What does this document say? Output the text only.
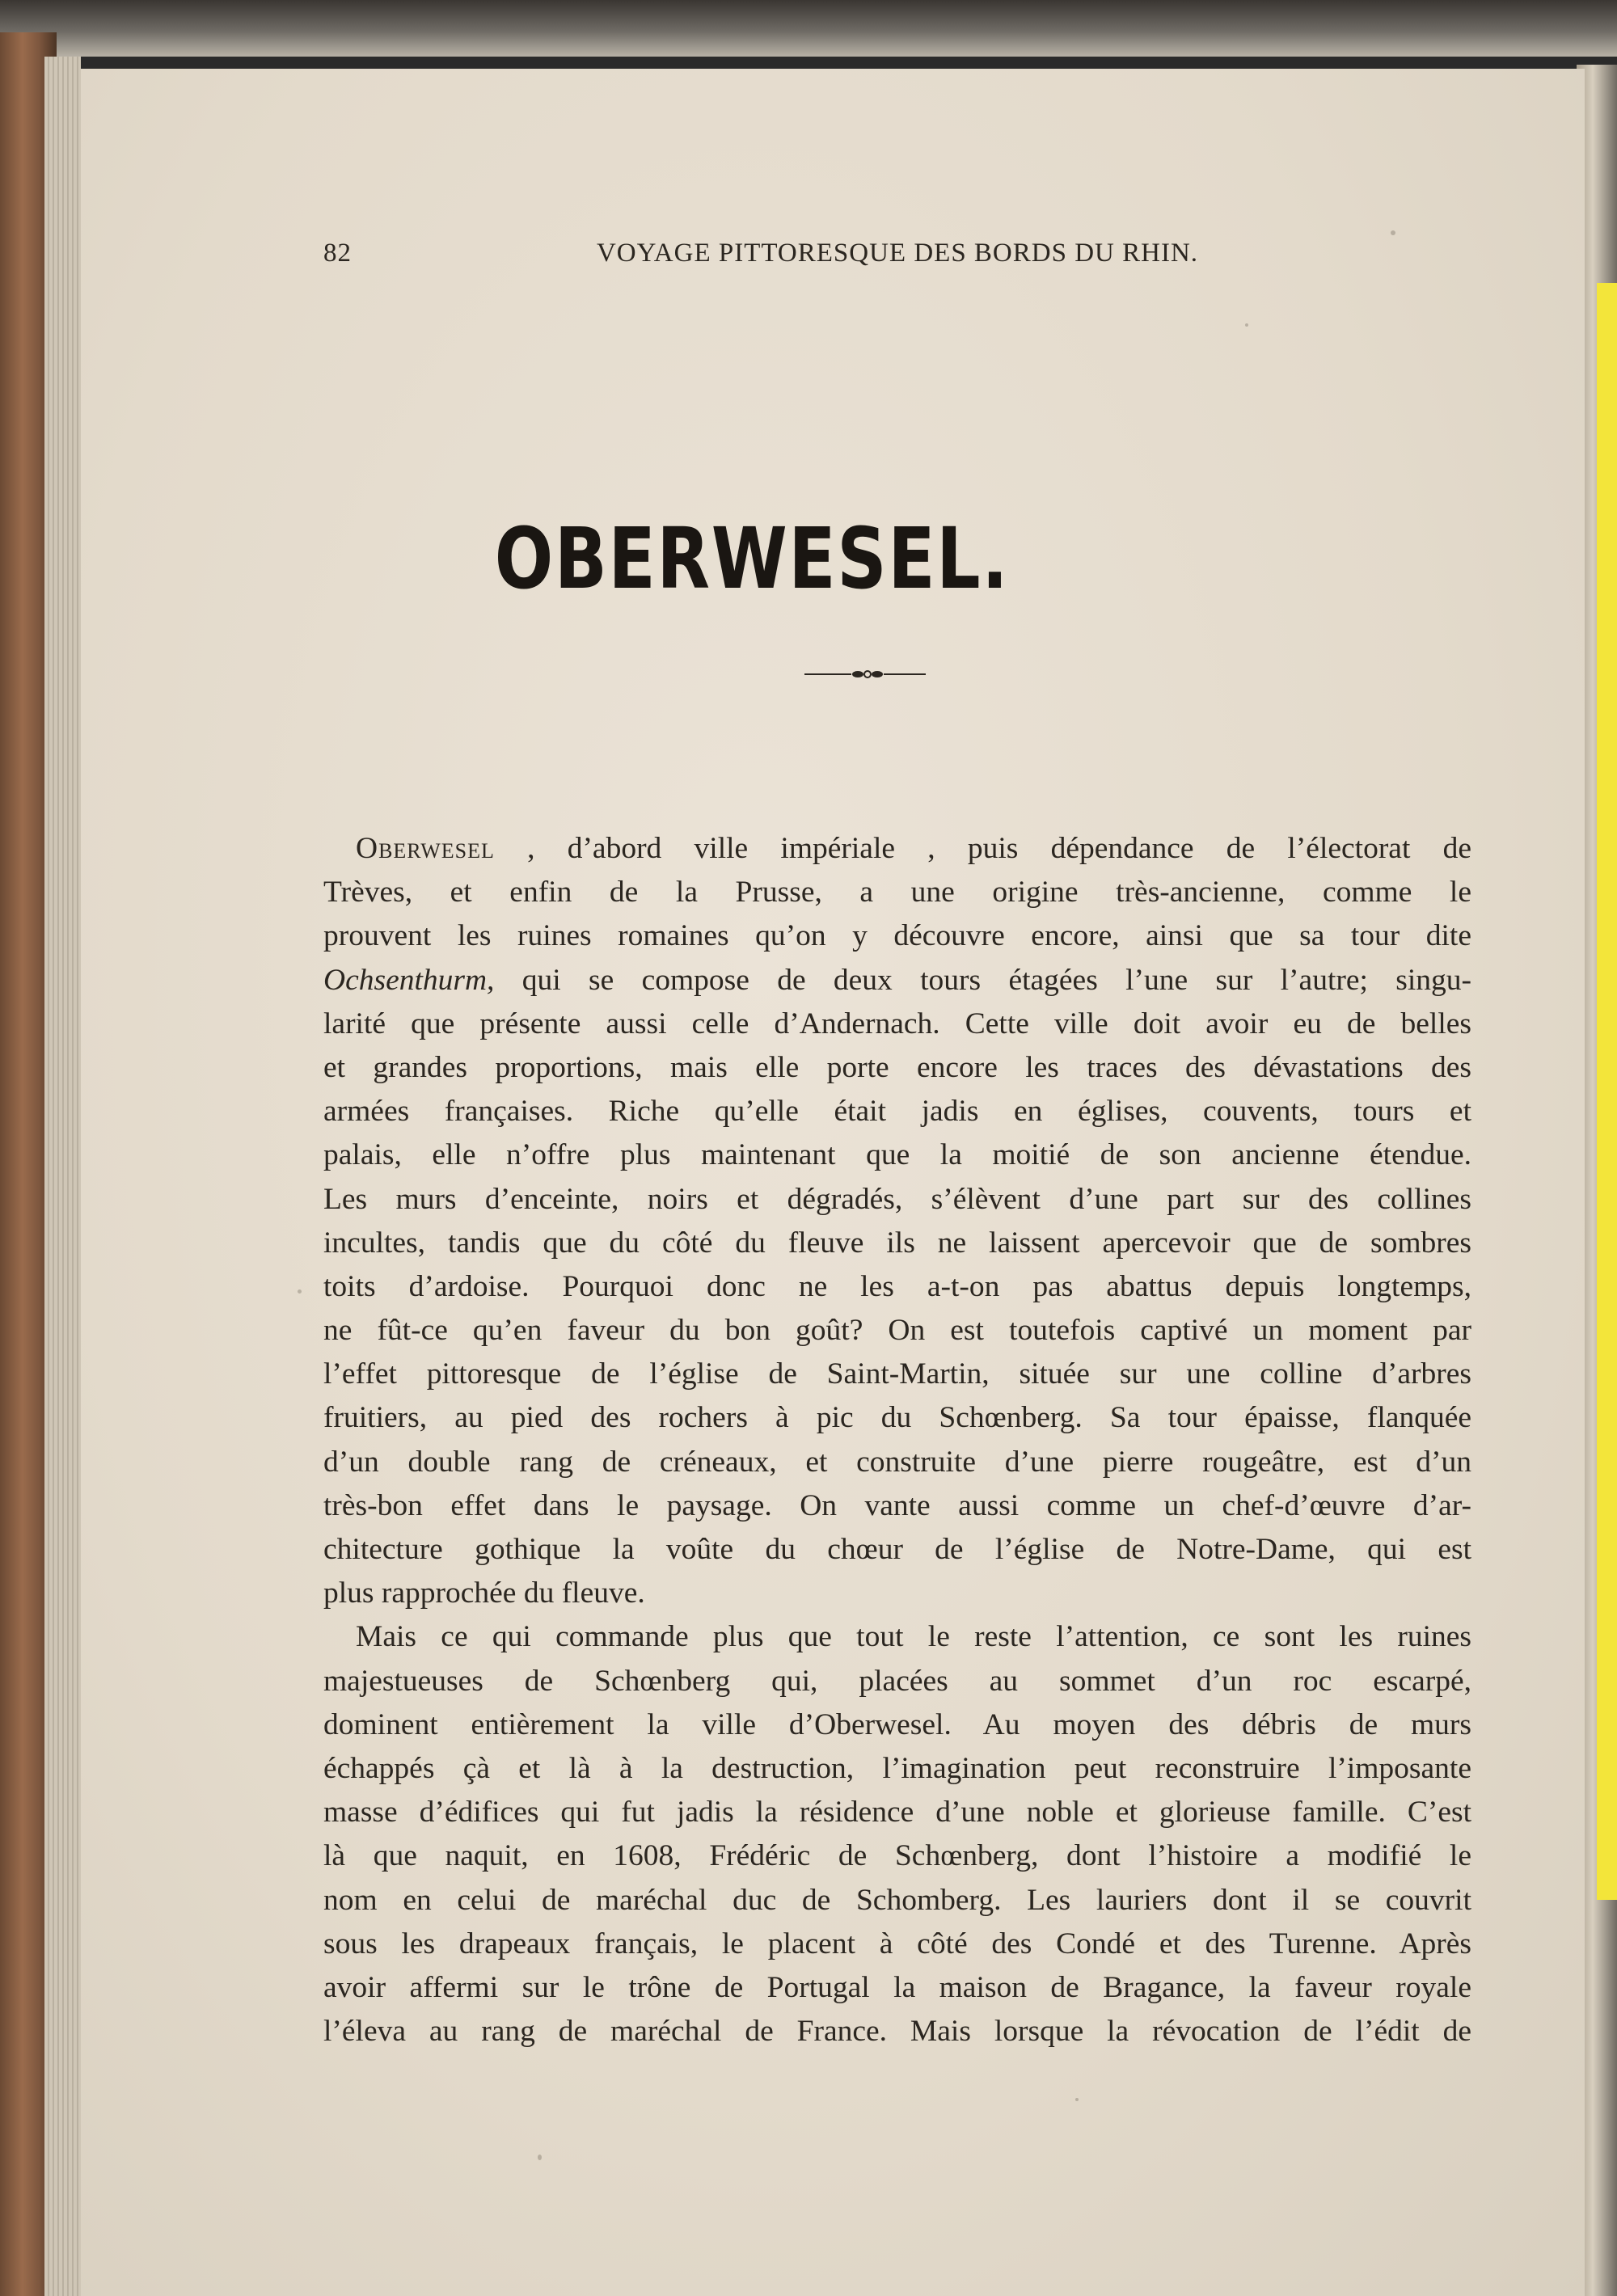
82	VOYAGE PITTORESQUE DES BORDS DU RHIN.
OBERWESEL.
Oberwesel , d’abord ville impériale , puis dépendance de l’électorat de
Trèves, et enfin de la Prusse, a une origine très-ancienne, comme le
prouvent les ruines romaines qu’on y découvre encore, ainsi que sa tour dite
Ochsenthurm, qui se compose de deux tours étagées l’une sur l’autre; singu-
larité que présente aussi celle d’Andernach. Cette ville doit avoir eu de belles
et grandes proportions, mais elle porte encore les traces des dévastations des
armées françaises. Riche qu’elle était jadis en églises, couvents, tours et
palais, elle n’offre plus maintenant que la moitié de son ancienne étendue.
Les murs d’enceinte, noirs et dégradés, s’élèvent d’une part sur des collines
incultes, tandis que du côté du fleuve ils ne laissent apercevoir que de sombres
toits d’ardoise. Pourquoi donc ne les a-t-on pas abattus depuis longtemps,
ne fût-ce qu’en faveur du bon goût? On est toutefois captivé un moment par
l’effet pittoresque de l’église de Saint-Martin, située sur une colline d’arbres
fruitiers, au pied des rochers à pic du Schœnberg. Sa tour épaisse, flanquée
d’un double rang de créneaux, et construite d’une pierre rougeâtre, est d’un
très-bon effet dans le paysage. On vante aussi comme un chef-d’œuvre d’ar-
chitecture gothique la voûte du chœur de l’église de Notre-Dame, qui est
plus rapprochée du fleuve.
Mais ce qui commande plus que tout le reste l’attention, ce sont les ruines
majestueuses de Schœnberg qui, placées au sommet d’un roc escarpé,
dominent entièrement la ville d’Oberwesel. Au moyen des débris de murs
échappés çà et là à la destruction, l’imagination peut reconstruire l’imposante
masse d’édifices qui fut jadis la résidence d’une noble et glorieuse famille. C’est
là que naquit, en 1608, Frédéric de Schœnberg, dont l’histoire a modifié le
nom en celui de maréchal duc de Schomberg. Les lauriers dont il se couvrit
sous les drapeaux français, le placent à côté des Condé et des Turenne. Après
avoir affermi sur le trône de Portugal la maison de Bragance, la faveur royale
l’éleva au rang de maréchal de France. Mais lorsque la révocation de l’édit de
